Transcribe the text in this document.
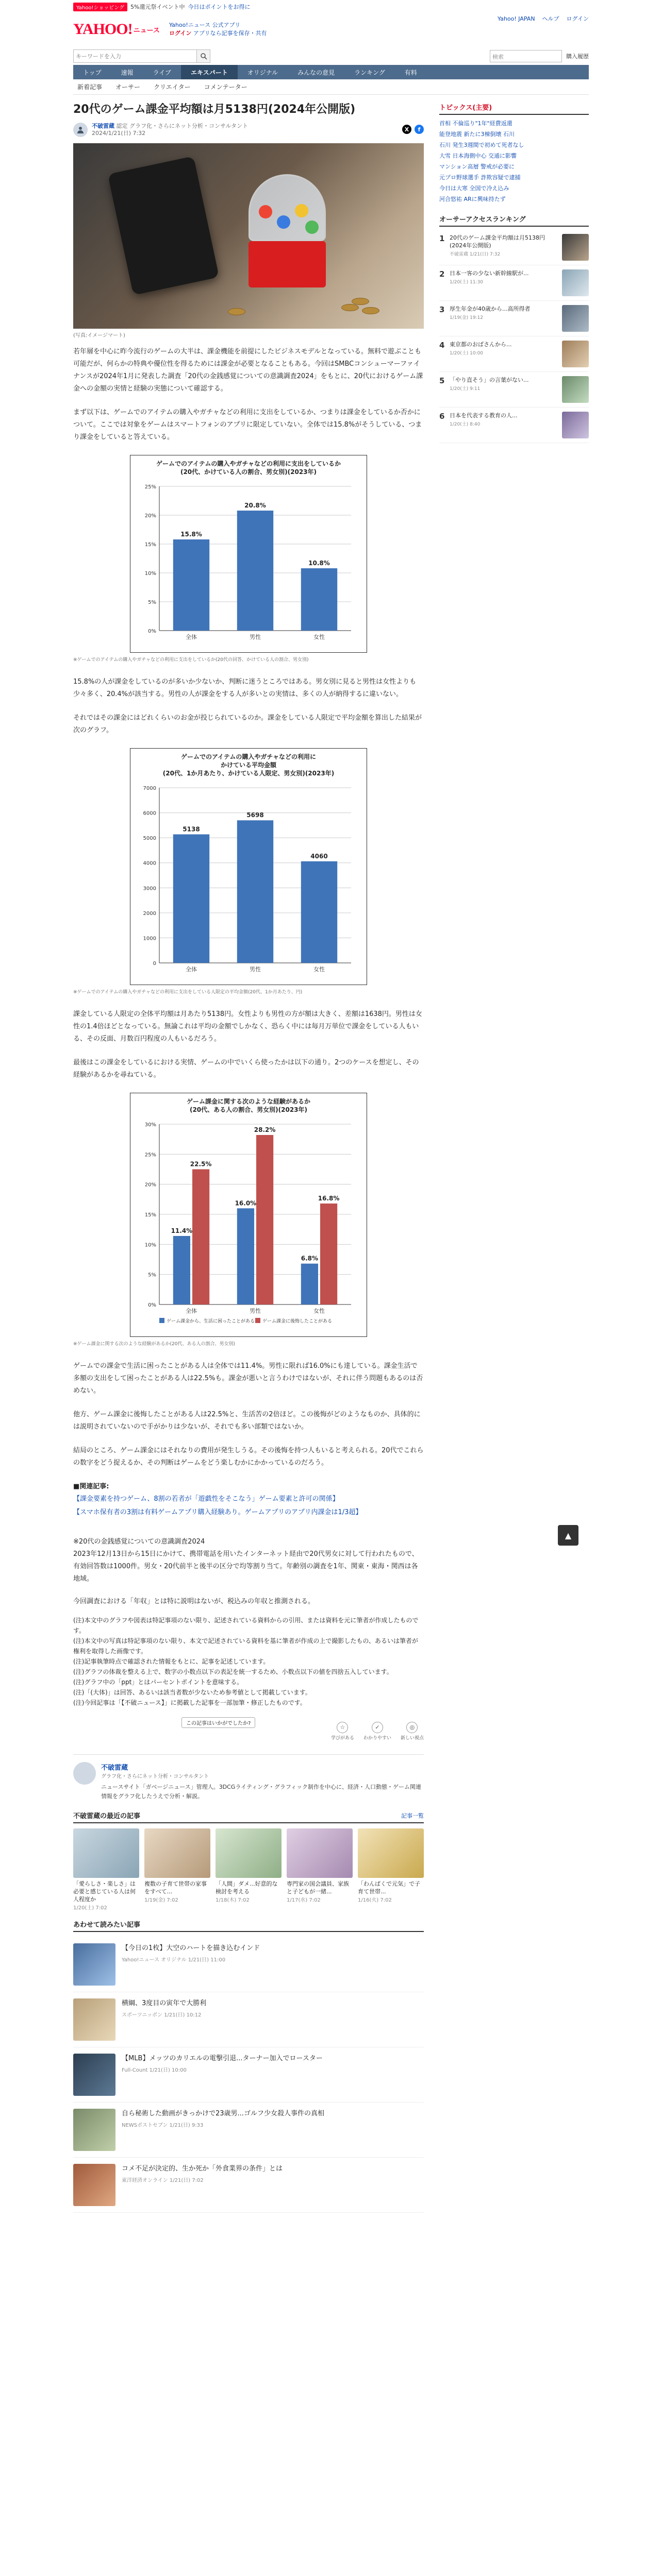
Yahoo!ショッピング	5%還元祭イベント中 今日はポイントをお得に
YAHOO! ニュース
Yahoo!ニュース 公式アプリ
ログイン アプリなら記事を保存・共有
Yahoo! JAPAN ヘルプ ログイン
キーワードを入力
検索	購入履歴
トップ	速報	ライブ	エキスパート	オリジナル	みんなの意見	ランキング	有料
新着記事 オーサー クリエイター コメンテーター
20代のゲーム課金平均額は月5138円(2024年公開版)
不破雷蔵 認定 グラフ化・さらにネット分析・コンサルタント
2024/1/21(日) 7:32
X f
(写真:イメージマート)

若年層を中心に昨今流行のゲームの大半は、課金機能を前提にしたビジネスモデルとなっている。無料で遊ぶことも可能だが、何らかの特典や優位性を得るためには課金が必要となることもある。今回はSMBCコンシューマーファイナンスが2024年1月に発表した調査「20代の金銭感覚についての意識調査2024」をもとに、20代におけるゲーム課金への金額の実情と経験の実態について確認する。

まず以下は、ゲームでのアイテムの購入やガチャなどの利用に支出をしているか、つまりは課金をしているか否かについて。ここでは対象をゲームはスマートフォンのアプリに限定していない。全体では15.8%がそうしている、つまり課金をしていると答えている。

ゲームでのアイテムの購入やガチャなどの利用に支出をしているか
(20代、かけている人の割合、男女別)(2023年)
0%
5%
10%
15%
20%
25%
15.8%
全体
20.8%
男性
10.8%
女性
※ゲームでのアイテムの購入やガチャなどの利用に支出をしているか(20代の回答、かけている人の割合、男女別)

15.8%の人が課金をしているのが多いか少ないか、判断に迷うところではある。男女別に見ると男性は女性よりも少々多く、20.4%が該当する。男性の人が課金をする人が多いとの実情は、多くの人が納得するに違いない。

それではその課金にはどれくらいのお金が投じられているのか。課金をしている人限定で平均金額を算出した結果が次のグラフ。

ゲームでのアイテムの購入やガチャなどの利用に
かけている平均金額
(20代、1か月あたり、かけている人限定、男女別)(2023年)
0
1000
2000
3000
4000
5000
6000
7000
5138
全体
5698
男性
4060
女性
※ゲームでのアイテムの購入やガチャなどの利用に支出をしている人限定の平均金額(20代、1か月あたり、円)

課金している人限定の全体平均額は月あたり5138円。女性よりも男性の方が額は大きく、差額は1638円。男性は女性の1.4倍ほどとなっている。無論これは平均の金額でしかなく、恐らく中には毎月万単位で課金をしている人もいる、その反面、月数百円程度の人もいるだろう。

最後はこの課金をしているにおける実情、ゲームの中でいくら使ったかは以下の通り。2つのケースを想定し、その経験があるかを尋ねている。

ゲーム課金に関する次のような経験があるか
(20代、ある人の割合、男女別)(2023年)
0%
5%
10%
15%
20%
25%
30%
11.4%
22.5%
全体
16.0%
28.2%
男性
6.8%
16.8%
女性
ゲーム課金から、生活に困ったことがある ゲーム課金に後悔したことがある
※ゲーム課金に関する次のような経験があるか(20代、ある人の割合、男女別)

ゲームでの課金で生活に困ったことがある人は全体では11.4%。男性に限れば16.0%にも達している。課金生活で多額の支出をして困ったことがある人は22.5%も。課金が悪いと言うわけではないが、それに伴う問題もあるのは否めない。

他方、ゲーム課金に後悔したことがある人は22.5%と、生活苦の2倍ほど。この後悔がどのようなものか、具体的には説明されていないので手がかりは少ないが、それでも多い部類ではないか。

結局のところ、ゲーム課金にはそれなりの費用が発生しうる。その後悔を持つ人もいると考えられる。20代でこれらの数字をどう捉えるか、その判断はゲームをどう楽しむかにかかっているのだろう。

■関連記事:
【課金要素を持つゲーム、8割の若者が「遊戯性をそこなう」ゲーム要素と許可の関係】
【スマホ保有者の3割は有料ゲームアプリ購入経験あり。ゲームアプリのアプリ内課金は1/3超】
※20代の金銭感覚についての意識調査2024
2023年12月13日から15日にかけて、携帯電話を用いたインターネット経由で20代男女に対して行われたもので、有効回答数は1000件。男女・20代前半と後半の区分で均等割り当て。年齢別の調査を1年、関東・東海・関西は各地域。
今回調査における「年収」とは特に説明はないが、税込みの年収と推測される。
(注)本文中のグラフや図表は特記事項のない限り、記述されている資料からの引用、または資料を元に筆者が作成したものです。
(注)本文中の写真は特記事項のない限り、本文で記述されている資料を基に筆者が作成の上で撮影したもの、あるいは筆者が権利を取得した画像です。
(注)記事執筆時点で確認された情報をもとに、記事を記述しています。
(注)グラフの体裁を整える上で、数字の小数点以下の表記を統一するため、小数点以下の値を四捨五入しています。
(注)グラフ中の「ppt」とはパーセントポイントを意味する。
(注)「(大体)」は回答、あるいは該当者数が少ないため参考値として掲載しています。
(注)今回記事は「【不破ニュース】」に掲載した記事を一部加筆・修正したものです。
この記事はいかがでしたか?
☆
学びがある
✓
わかりやすい
◎
新しい視点
不破雷蔵
グラフ化・さらにネット分析・コンサルタント
ニュースサイト「ガベージニュース」管理人。3DCGライティング・グラフィック制作を中心に、経済・人口動態・ゲーム関連情報をグラフ化したうえで分析・解説。
不破雷蔵の最近の記事	記事一覧
「愛らしさ・楽しさ」は必要と感じている人は何人程度か
1/20(土) 7:02
複数の子育て世帯の家事をすべて...
1/19(金) 7:02
「人間」ダメ...好意的な検討を考える
1/18(木) 7:02
専門家の国会議員、家族と子どもが一緒...
1/17(水) 7:02
「わんぱくで元気」で子育て世帯...
1/16(火) 7:02
あわせて読みたい記事
【今日の1枚】大空のハートを描き込むインド
Yahoo!ニュース オリジナル 1/21(日) 11:00
横綱、3度目の寅年で大勝利
スポーツニッポン 1/21(日) 10:12
【MLB】メッツのカリエルの電撃引退...ターナー加入でロースター
Full-Count 1/21(日) 10:00
自ら秘術した動画がきっかけで23歳男...ゴルフ少女殺人事件の真相
NEWSポストセブン 1/21(日) 9:33
コメ不足が決定的、生か死か「外食業界の条件」とは
東洋経済オンライン 1/21(日) 7:02
トピックス(主要)
首相 不倫巡り"1年"経費返還
能登地震 新たに3棟倒壊 石川
石川 発生3週間で初めて死者なし
大雪 日本海側中心 交通に影響
マンション高層 警戒が必要に
元プロ野球選手 詐欺容疑で逮捕
今日は大寒 全国で冷え込み
河合悠祐 ARに興味持たず
オーサーアクセスランキング
1 20代のゲーム課金平均額は月5138円(2024年公開版)
不破雷蔵 1/21(日) 7:32
2 日本一客の少ない新幹線駅が...
1/20(土) 11:30
3 厚生年金が40歳から...高所得者
1/19(金) 19:12
4 東京都のおばさんから...
1/20(土) 10:00
5 「やり直そう」の言葉がない...
1/20(土) 9:11
6 日本を代表する教育の人...
1/20(土) 8:40
▲
